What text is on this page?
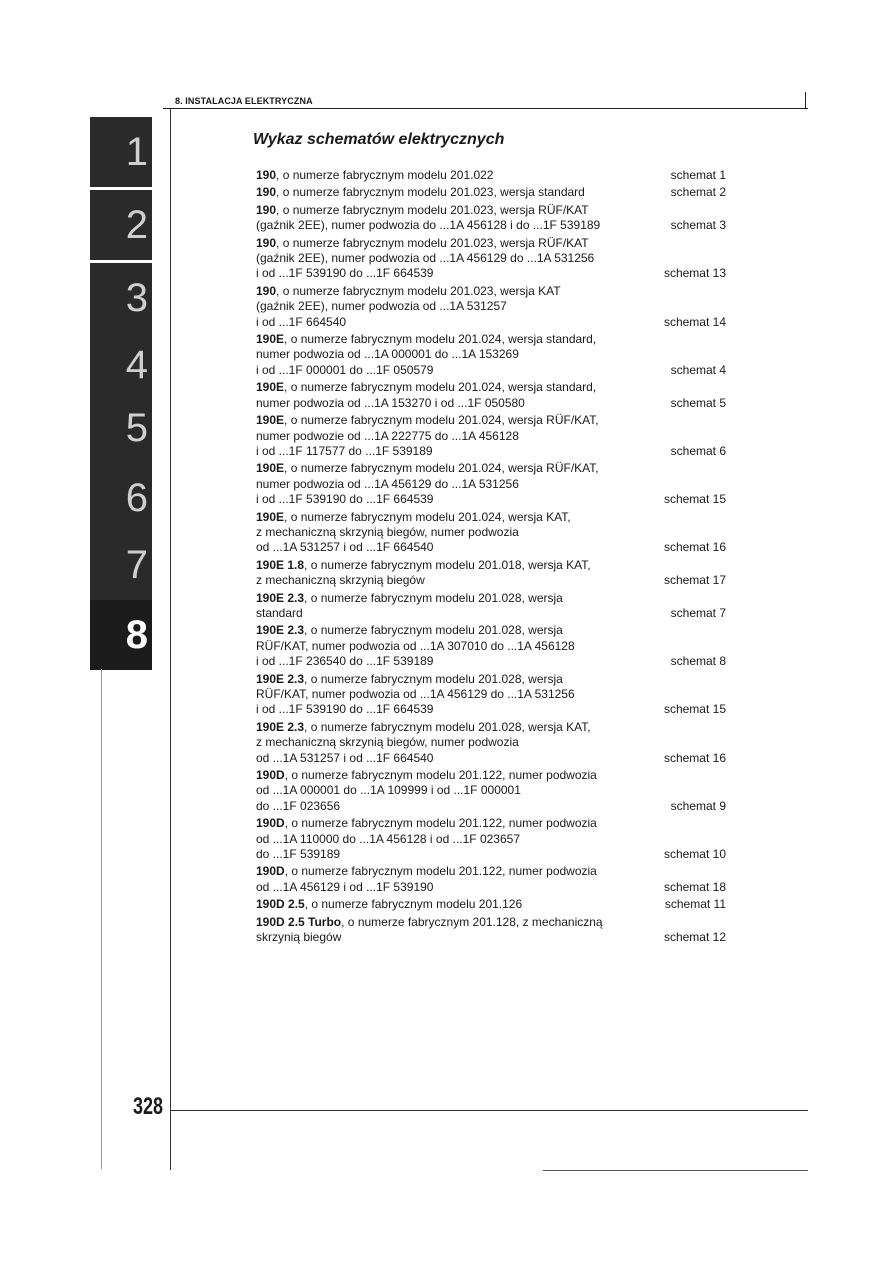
8. INSTALACJA ELEKTRYCZNA
1
2
3
4
5
6
7
8
Wykaz schematów elektrycznych
190, o numerze fabrycznym modelu 201.022	schemat 1
190, o numerze fabrycznym modelu 201.023, wersja standard	schemat 2
190, o numerze fabrycznym modelu 201.023, wersja RÜF/KAT
(gaźnik 2EE), numer podwozia do ...1A 456128 i do ...1F 539189	schemat 3
190, o numerze fabrycznym modelu 201.023, wersja RÜF/KAT
(gaźnik 2EE), numer podwozia od ...1A 456129 do ...1A 531256
i od ...1F 539190 do ...1F 664539	schemat 13
190, o numerze fabrycznym modelu 201.023, wersja KAT
(gaźnik 2EE), numer podwozia od ...1A 531257
i od ...1F 664540	schemat 14
190E, o numerze fabrycznym modelu 201.024, wersja standard,
numer podwozia od ...1A 000001 do ...1A 153269
i od ...1F 000001 do ...1F 050579	schemat 4
190E, o numerze fabrycznym modelu 201.024, wersja standard,
numer podwozia od ...1A 153270 i od ...1F 050580	schemat 5
190E, o numerze fabrycznym modelu 201.024, wersja RÜF/KAT,
numer podwozie od ...1A 222775 do ...1A 456128
i od ...1F 117577 do ...1F 539189	schemat 6
190E, o numerze fabrycznym modelu 201.024, wersja RÜF/KAT,
numer podwozia od ...1A 456129 do ...1A 531256
i od ...1F 539190 do ...1F 664539	schemat 15
190E, o numerze fabrycznym modelu 201.024, wersja KAT,
z mechaniczną skrzynią biegów, numer podwozia
od ...1A 531257 i od ...1F 664540	schemat 16
190E 1.8, o numerze fabrycznym modelu 201.018, wersja KAT,
z mechaniczną skrzynią biegów	schemat 17
190E 2.3, o numerze fabrycznym modelu 201.028, wersja
standard	schemat 7
190E 2.3, o numerze fabrycznym modelu 201.028, wersja
RÜF/KAT, numer podwozia od ...1A 307010 do ...1A 456128
i od ...1F 236540 do ...1F 539189	schemat 8
190E 2.3, o numerze fabrycznym modelu 201.028, wersja
RÜF/KAT, numer podwozia od ...1A 456129 do ...1A 531256
i od ...1F 539190 do ...1F 664539	schemat 15
190E 2.3, o numerze fabrycznym modelu 201.028, wersja KAT,
z mechaniczną skrzynią biegów, numer podwozia
od ...1A 531257 i od ...1F 664540	schemat 16
190D, o numerze fabrycznym modelu 201.122, numer podwozia
od ...1A 000001 do ...1A 109999 i od ...1F 000001
do ...1F 023656	schemat 9
190D, o numerze fabrycznym modelu 201.122, numer podwozia
od ...1A 110000 do ...1A 456128 i od ...1F 023657
do ...1F 539189	schemat 10
190D, o numerze fabrycznym modelu 201.122, numer podwozia
od ...1A 456129 i od ...1F 539190	schemat 18
190D 2.5, o numerze fabrycznym modelu 201.126	schemat 11
190D 2.5 Turbo, o numerze fabrycznym 201.128, z mechaniczną
skrzynią biegów	schemat 12
328
